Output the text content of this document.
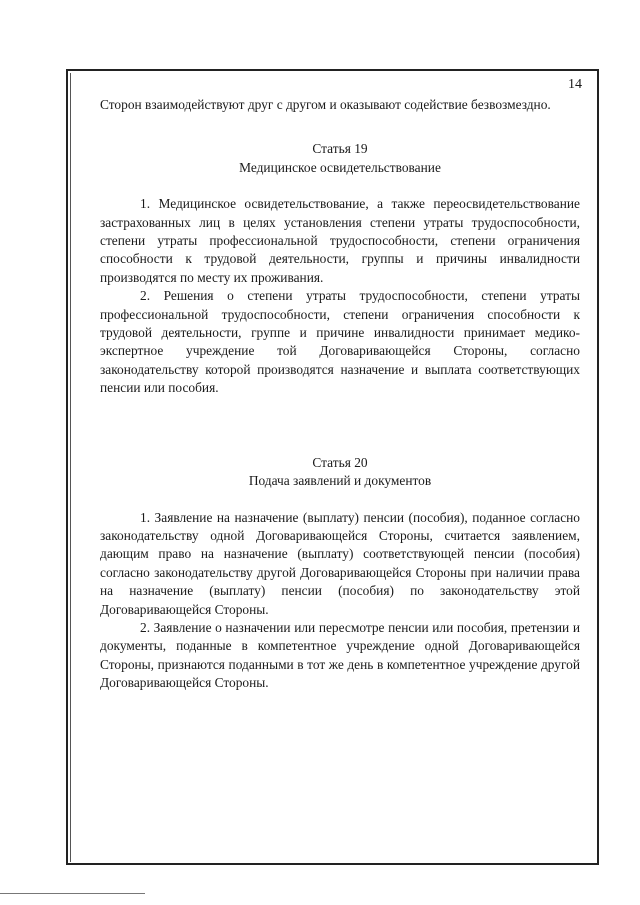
14

Сторон взаимодействуют друг с другом и оказывают содействие безвозмездно.

Статья 19

Медицинское освидетельствование

1. Медицинское освидетельствование, а также переосвидетельствование застрахованных лиц в целях установления степени утраты трудоспособности, степени утраты профессиональной трудоспособности, степени ограничения способности к трудовой деятельности, группы и причины инвалидности производятся по месту их проживания.

2. Решения о степени утраты трудоспособности, степени утраты профессиональной трудоспособности, степени ограничения способности к трудовой деятельности, группе и причине инвалидности принимает медико-экспертное учреждение той Договаривающейся Стороны, согласно законодательству которой производятся назначение и выплата соответствующих пенсии или пособия.

Статья 20

Подача заявлений и документов

1. Заявление на назначение (выплату) пенсии (пособия), поданное согласно законодательству одной Договаривающейся Стороны, считается заявлением, дающим право на назначение (выплату) соответствующей пенсии (пособия) согласно законодательству другой Договаривающейся Стороны при наличии права на назначение (выплату) пенсии (пособия) по законодательству этой Договаривающейся Стороны.

2. Заявление о назначении или пересмотре пенсии или пособия, претензии и документы, поданные в компетентное учреждение одной Договаривающейся Стороны, признаются поданными в тот же день в компетентное учреждение другой Договаривающейся Стороны.
